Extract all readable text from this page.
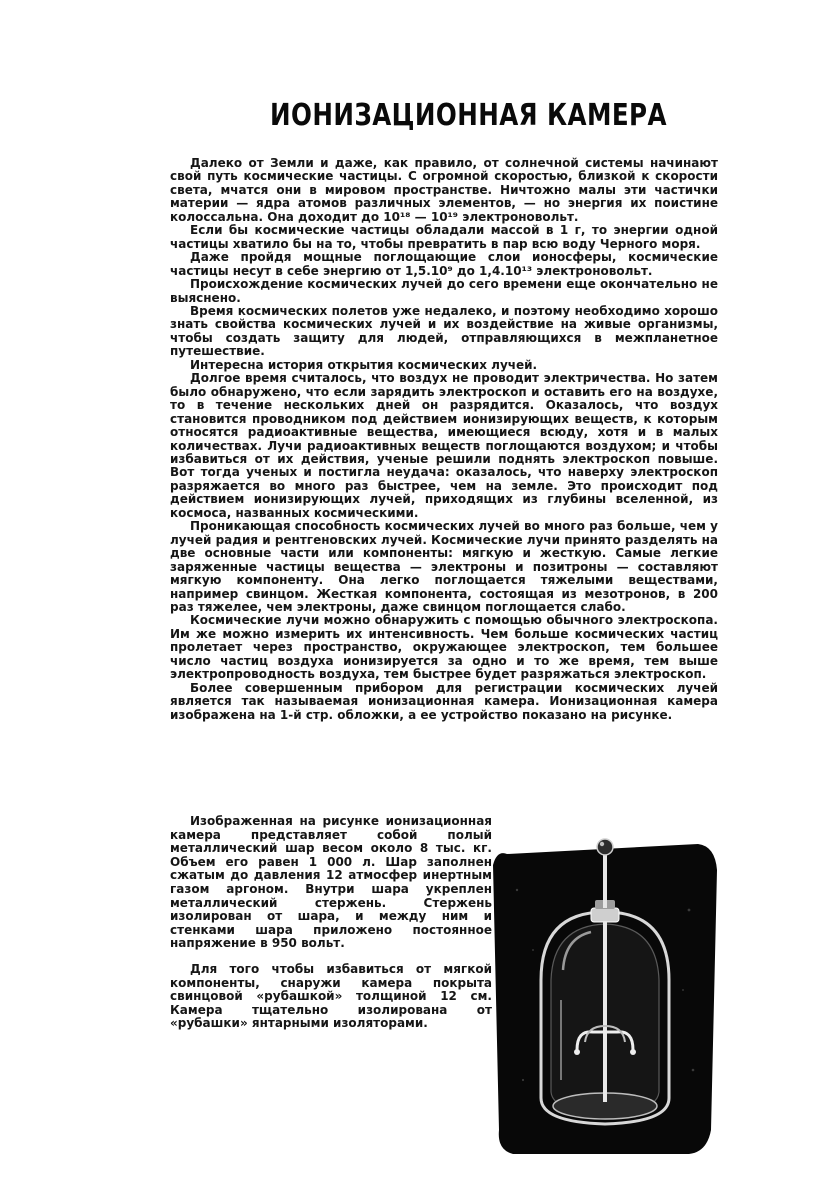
ИОНИЗАЦИОННАЯ КАМЕРА

Далеко от Земли и даже, как правило, от солнечной системы начинают свой путь космические частицы. С огромной скоростью, близкой к скорости света, мчатся они в мировом пространстве. Ничтожно малы эти частички материи — ядра атомов различных элементов, — но энергия их поистине колоссальна. Она доходит до 10¹⁸ — 10¹⁹ электроновольт.

Если бы космические частицы обладали массой в 1 г, то энергии одной частицы хватило бы на то, чтобы превратить в пар всю воду Черного моря.

Даже пройдя мощные поглощающие слои ионосферы, космические частицы несут в себе энергию от 1,5.10⁹ до 1,4.10¹³ электроновольт.

Происхождение космических лучей до сего времени еще окончательно не выяснено.

Время космических полетов уже недалеко, и поэтому необходимо хорошо знать свойства космических лучей и их воздействие на живые организмы, чтобы создать защиту для людей, отправляющихся в межпланетное путешествие.

Интересна история открытия космических лучей.

Долгое время считалось, что воздух не проводит электричества. Но затем было обнаружено, что если зарядить электроскоп и оставить его на воздухе, то в течение нескольких дней он разрядится. Оказалось, что воздух становится проводником под действием ионизирующих веществ, к которым относятся радиоактивные вещества, имеющиеся всюду, хотя и в малых количествах. Лучи радиоактивных веществ поглощаются воздухом; и чтобы избавиться от их действия, ученые решили поднять электроскоп повыше. Вот тогда ученых и постигла неудача: оказалось, что наверху электроскоп разряжается во много раз быстрее, чем на земле. Это происходит под действием ионизирующих лучей, приходящих из глубины вселенной, из космоса, названных космическими.

Проникающая способность космических лучей во много раз больше, чем у лучей радия и рентгеновских лучей. Космические лучи принято разделять на две основные части или компоненты: мягкую и жесткую. Самые легкие заряженные частицы вещества — электроны и позитроны — составляют мягкую компоненту. Она легко поглощается тяжелыми веществами, например свинцом. Жесткая компонента, состоящая из мезотронов, в 200 раз тяжелее, чем электроны, даже свинцом поглощается слабо.

Космические лучи можно обнаружить с помощью обычного электроскопа. Им же можно измерить их интенсивность. Чем больше космических частиц пролетает через пространство, окружающее электроскоп, тем большее число частиц воздуха ионизируется за одно и то же время, тем выше электропроводность воздуха, тем быстрее будет разряжаться электроскоп.

Более совершенным прибором для регистрации космических лучей является так называемая ионизационная камера. Ионизационная камера изображена на 1-й стр. обложки, а ее устройство показано на рисунке.

Изображенная на рисунке ионизационная камера представляет собой полый металлический шар весом около 8 тыс. кг. Объем его равен 1 000 л. Шар заполнен сжатым до давления 12 атмосфер инертным газом аргоном. Внутри шара укреплен металлический стержень. Стержень изолирован от шара, и между ним и стенками шара приложено постоянное напряжение в 950 вольт.

Для того чтобы избавиться от мягкой компоненты, снаружи камера покрыта свинцовой «рубашкой» толщиной 12 см. Камера тщательно изолирована от «рубашки» янтарными изоляторами.
